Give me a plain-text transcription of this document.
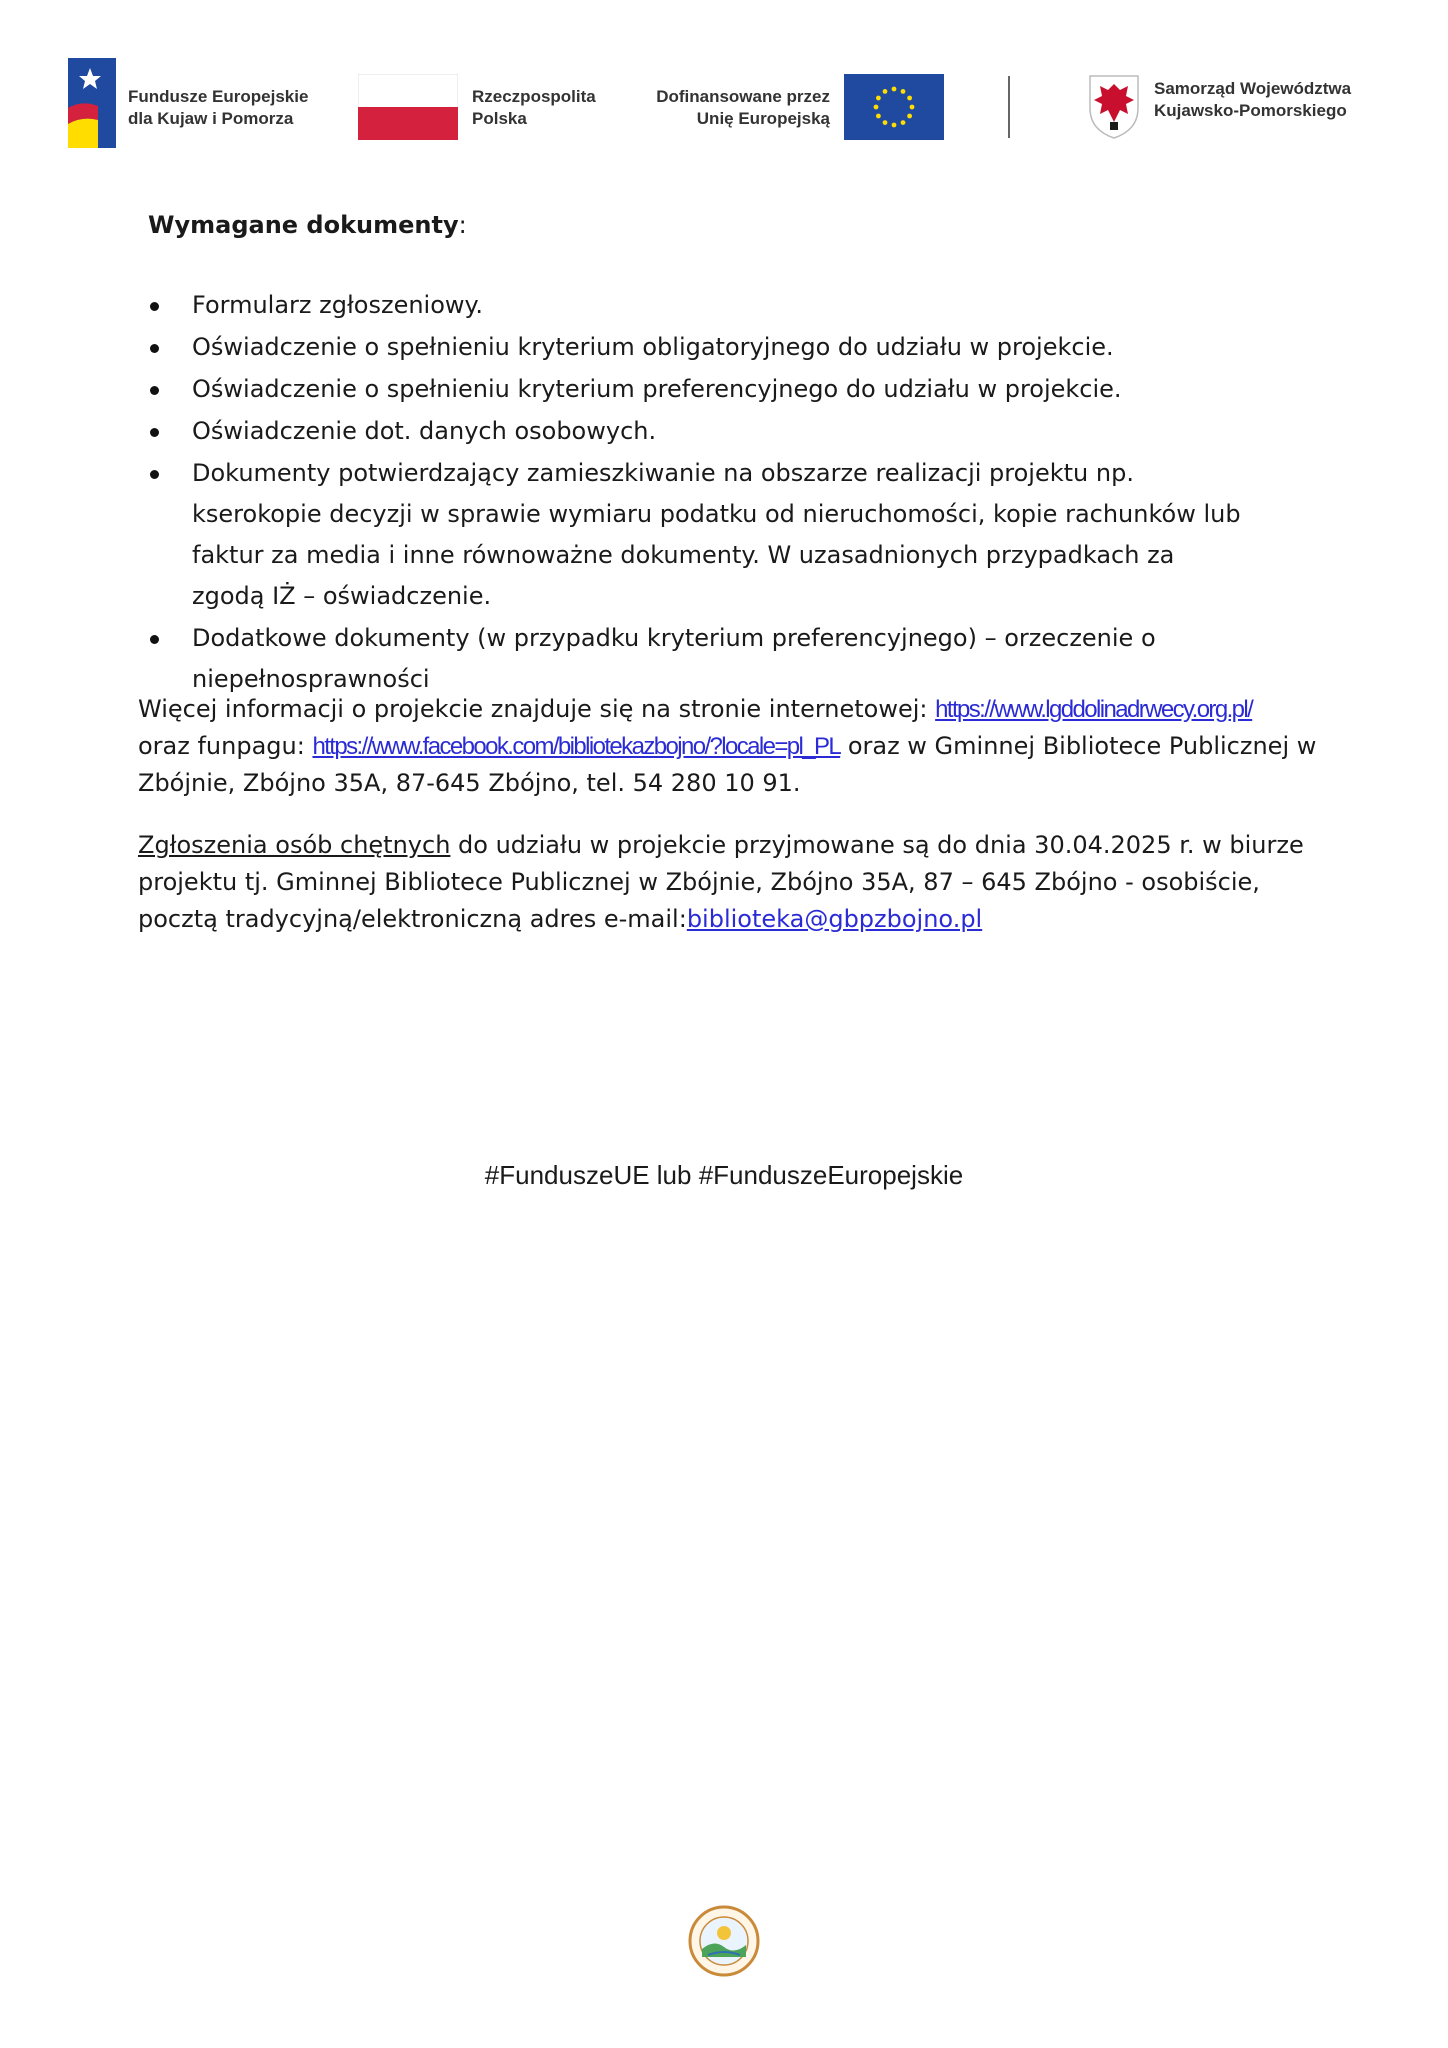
Fundusze Europejskie
dla Kujaw i Pomorza
Rzeczpospolita
Polska
Dofinansowane przez
Unię Europejską
Samorząd Województwa
Kujawsko-Pomorskiego
Wymagane dokumenty:
Formularz zgłoszeniowy.
Oświadczenie o spełnieniu kryterium obligatoryjnego do udziału w projekcie.
Oświadczenie o spełnieniu kryterium preferencyjnego do udziału w projekcie.
Oświadczenie dot. danych osobowych.
Dokumenty potwierdzający zamieszkiwanie na obszarze realizacji projektu np. kserokopie decyzji w sprawie wymiaru podatku od nieruchomości, kopie rachunków lub faktur za media i inne równoważne dokumenty. W uzasadnionych przypadkach za zgodą IŻ – oświadczenie.
Dodatkowe dokumenty (w przypadku kryterium preferencyjnego) – orzeczenie o niepełnosprawności
Więcej informacji o projekcie znajduje się na stronie internetowej: https://www.lgddolinadrwecy.org.pl/
oraz funpagu: https://www.facebook.com/bibliotekazbojno/?locale=pl_PL oraz w Gminnej Bibliotece Publicznej w Zbójnie, Zbójno 35A, 87-645 Zbójno, tel. 54 280 10 91.
Zgłoszenia osób chętnych do udziału w projekcie przyjmowane są do dnia 30.04.2025 r. w biurze projektu tj. Gminnej Bibliotece Publicznej w Zbójnie, Zbójno 35A, 87 – 645 Zbójno - osobiście, pocztą tradycyjną/elektroniczną adres e-mail:biblioteka@gbpzbojno.pl
#FunduszeUE lub #FunduszeEuropejskie
